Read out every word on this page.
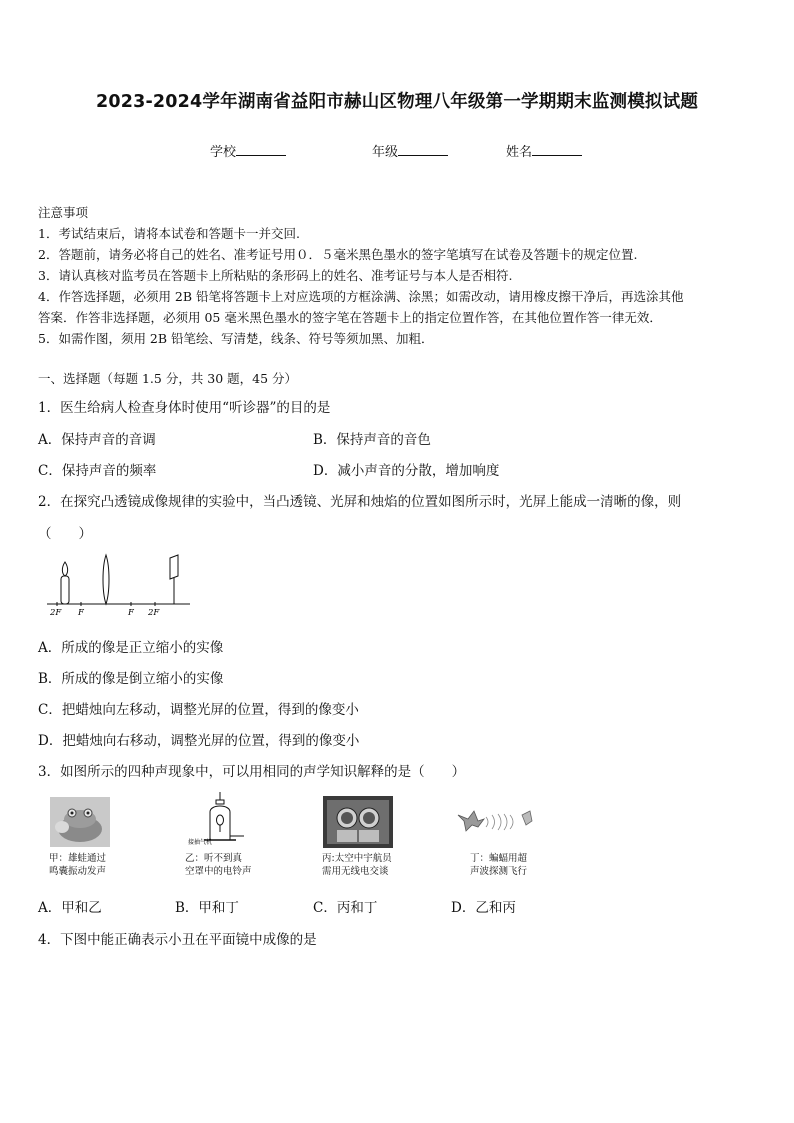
2023-2024学年湖南省益阳市赫山区物理八年级第一学期期末监测模拟试题
学校	年级	姓名
注意事项
1．考试结束后，请将本试卷和答题卡一并交回.
2．答题前，请务必将自己的姓名、准考证号用０．５毫米黑色墨水的签字笔填写在试卷及答题卡的规定位置.
3．请认真核对监考员在答题卡上所粘贴的条形码上的姓名、准考证号与本人是否相符.
4．作答选择题，必须用 2B 铅笔将答题卡上对应选项的方框涂满、涂黑；如需改动，请用橡皮擦干净后，再选涂其他
答案．作答非选择题，必须用 05 毫米黑色墨水的签字笔在答题卡上的指定位置作答，在其他位置作答一律无效．
5．如需作图，须用 2B 铅笔绘、写清楚，线条、符号等须加黑、加粗．
一、选择题（每题 1.5 分，共 30 题，45 分）
1．医生给病人检查身体时使用“听诊器”的目的是
A．保持声音的音调	B．保持声音的音色
C．保持声音的频率	D．减小声音的分散，增加响度
2．在探究凸透镜成像规律的实验中，当凸透镜、光屏和烛焰的位置如图所示时，光屏上能成一清晰的像，则
（　　）
2F F	F 2F
A．所成的像是正立缩小的实像
B．所成的像是倒立缩小的实像
C．把蜡烛向左移动，调整光屏的位置，得到的像变小
D．把蜡烛向右移动，调整光屏的位置，得到的像变小
3．如图所示的四种声现象中，可以用相同的声学知识解释的是（　　）
接抽气机
甲：雄蛙通过
鸣囊振动发声
乙：听不到真
空罩中的电铃声
丙:太空中宇航员
需用无线电交谈
丁：蝙蝠用超
声波探测飞行
A．甲和乙	B．甲和丁	C．丙和丁	D．乙和丙
4．下图中能正确表示小丑在平面镜中成像的是
